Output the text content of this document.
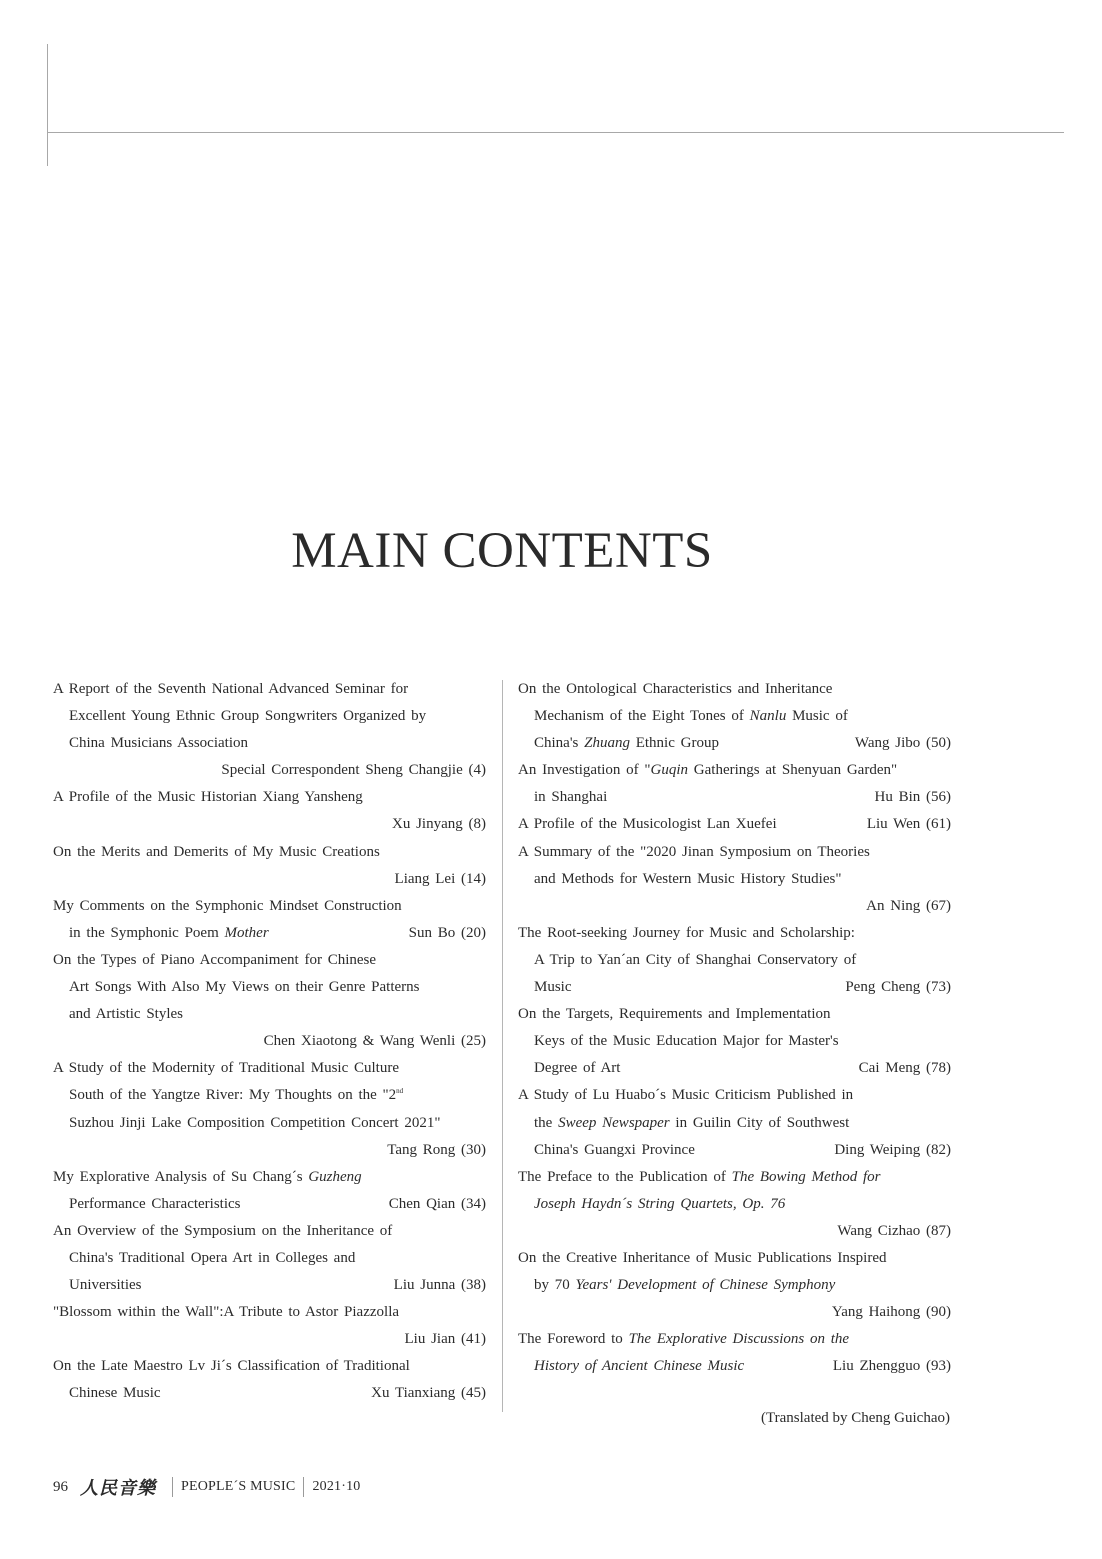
MAIN CONTENTS
A Report of the Seventh National Advanced Seminar for
Excellent Young Ethnic Group Songwriters Organized by
China Musicians Association
Special Correspondent Sheng Changjie (4)
A Profile of the Music Historian Xiang Yansheng
Xu Jinyang (8)
On the Merits and Demerits of My Music Creations
Liang Lei (14)
My Comments on the Symphonic Mindset Construction
in the Symphonic Poem Mother	Sun Bo (20)
On the Types of Piano Accompaniment for Chinese
Art Songs With Also My Views on their Genre Patterns
and Artistic Styles
Chen Xiaotong & Wang Wenli (25)
A Study of the Modernity of Traditional Music Culture
South of the Yangtze River: My Thoughts on the "2nd
Suzhou Jinji Lake Composition Competition Concert 2021"
Tang Rong (30)
My Explorative Analysis of Su Chang´s Guzheng
Performance Characteristics	Chen Qian (34)
An Overview of the Symposium on the Inheritance of
China's Traditional Opera Art in Colleges and
Universities	Liu Junna (38)
"Blossom within the Wall":A Tribute to Astor Piazzolla
Liu Jian (41)
On the Late Maestro Lv Ji´s Classification of Traditional
Chinese Music	Xu Tianxiang (45)
On the Ontological Characteristics and Inheritance
Mechanism of the Eight Tones of Nanlu Music of
China's Zhuang Ethnic Group	Wang Jibo (50)
An Investigation of "Guqin Gatherings at Shenyuan Garden"
in Shanghai	Hu Bin (56)
A Profile of the Musicologist Lan Xuefei	Liu Wen (61)
A Summary of the "2020 Jinan Symposium on Theories
and Methods for Western Music History Studies"
An Ning (67)
The Root-seeking Journey for Music and Scholarship:
A Trip to Yan´an City of Shanghai Conservatory of
Music	Peng Cheng (73)
On the Targets, Requirements and Implementation
Keys of the Music Education Major for Master's
Degree of Art	Cai Meng (78)
A Study of Lu Huabo´s Music Criticism Published in
the Sweep Newspaper in Guilin City of Southwest
China's Guangxi Province	Ding Weiping (82)
The Preface to the Publication of The Bowing Method for
Joseph Haydn´s String Quartets, Op. 76
Wang Cizhao (87)
On the Creative Inheritance of Music Publications Inspired
by 70 Years' Development of Chinese Symphony
Yang Haihong (90)
The Foreword to The Explorative Discussions on the
History of Ancient Chinese Music	Liu Zhengguo (93)
(Translated by Cheng Guichao)
96 人民音樂 PEOPLE´S MUSIC 2021·10
